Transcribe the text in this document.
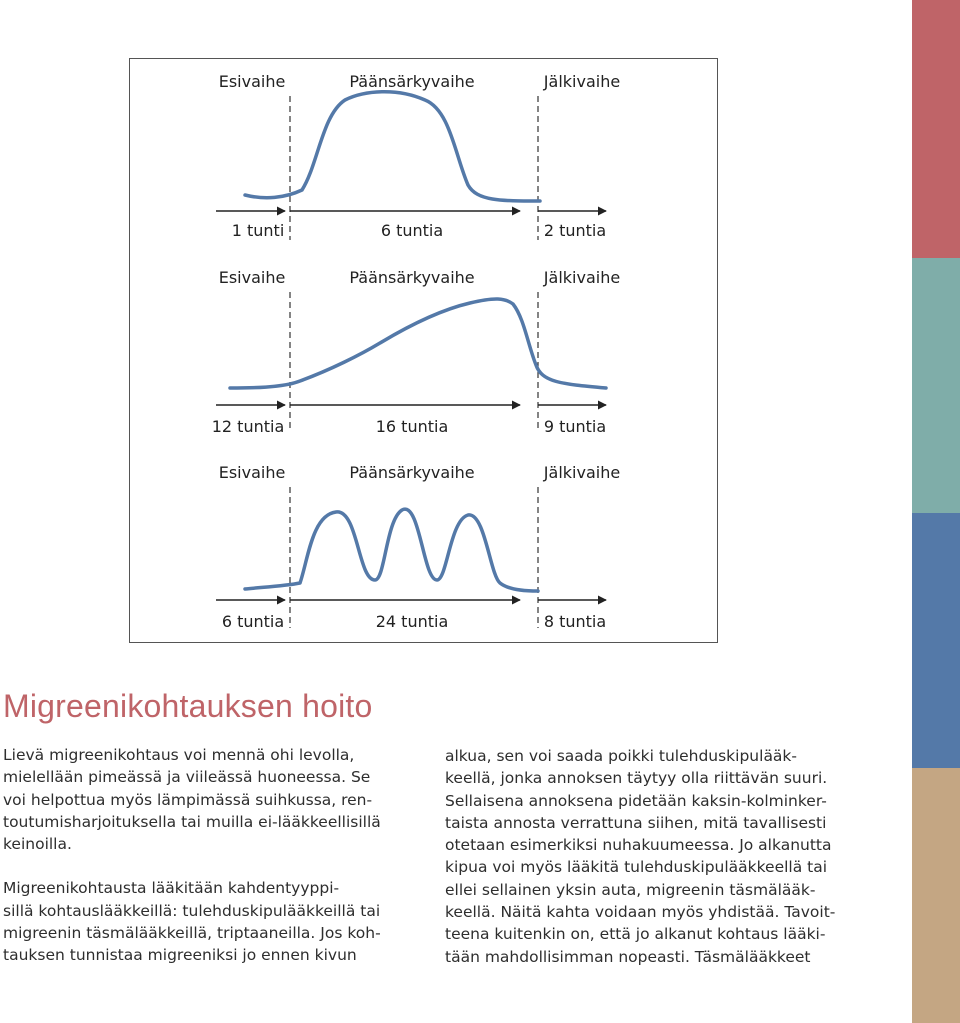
Esivaihe	Päänsärkyvaihe	Jälkivaihe
1 tunti	6 tuntia	2 tuntia
Esivaihe	Päänsärkyvaihe	Jälkivaihe
12 tuntia	16 tuntia	9 tuntia
Esivaihe	Päänsärkyvaihe	Jälkivaihe
6 tuntia	24 tuntia	8 tuntia
Migreenikohtauksen hoito
Lievä migreenikohtaus voi mennä ohi levolla,
mielellään pimeässä ja viileässä huoneessa. Se
voi helpottua myös lämpimässä suihkussa, ren-
toutumisharjoituksella tai muilla ei-lääkkeellisillä
keinoilla.
Migreenikohtausta lääkitään kahdentyyppi-
sillä kohtauslääkkeillä: tulehduskipulääkkeillä tai
migreenin täsmälääkkeillä, triptaaneilla. Jos koh-
tauksen tunnistaa migreeniksi jo ennen kivun
alkua, sen voi saada poikki tulehduskipulääk-
keellä, jonka annoksen täytyy olla riittävän suuri.
Sellaisena annoksena pidetään kaksin-kolminker-
taista annosta verrattuna siihen, mitä tavallisesti
otetaan esimerkiksi nuhakuumeessa. Jo alkanutta
kipua voi myös lääkitä tulehduskipulääkkeellä tai
ellei sellainen yksin auta, migreenin täsmälääk-
keellä. Näitä kahta voidaan myös yhdistää. Tavoit-
teena kuitenkin on, että jo alkanut kohtaus lääki-
tään mahdollisimman nopeasti. Täsmälääkkeet
